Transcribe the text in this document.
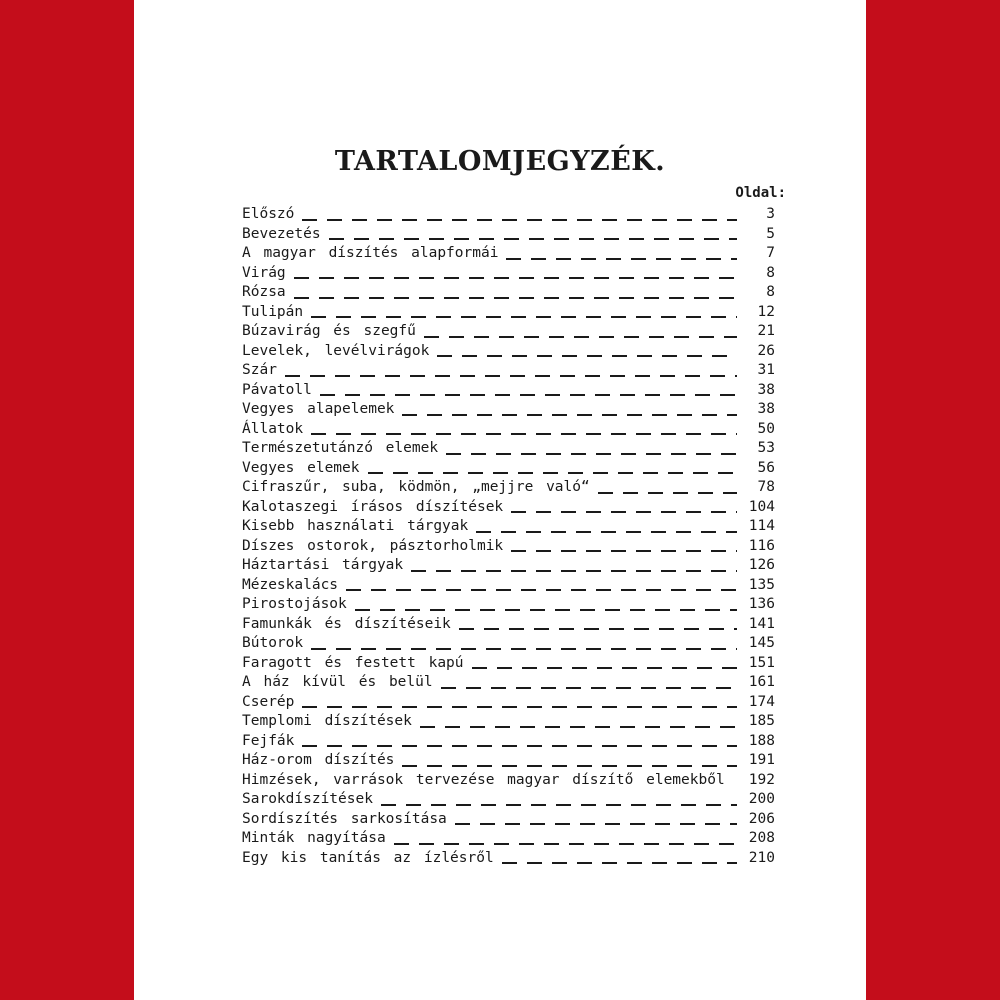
TARTALOMJEGYZÉK.
Oldal:
Előszó	3
Bevezetés	5
A magyar díszítés alapformái	7
Virág	8
Rózsa	8
Tulipán	12
Búzavirág és szegfű	21
Levelek, levélvirágok	26
Szár	31
Pávatoll	38
Vegyes alapelemek	38
Állatok	50
Természetutánzó elemek	53
Vegyes elemek	56
Cifraszűr, suba, ködmön, „mejjre való“	78
Kalotaszegi írásos díszítések	104
Kisebb használati tárgyak	114
Díszes ostorok, pásztorholmik	116
Háztartási tárgyak	126
Mézeskalács	135
Pirostojások	136
Famunkák és díszítéseik	141
Bútorok	145
Faragott és festett kapú	151
A ház kívül és belül	161
Cserép	174
Templomi díszítések	185
Fejfák	188
Ház-orom díszítés	191
Himzések, varrások tervezése magyar díszítő elemekből 192
Sarokdíszítések	200
Sordíszítés sarkosítása	206
Minták nagyítása	208
Egy kis tanítás az ízlésről	210
